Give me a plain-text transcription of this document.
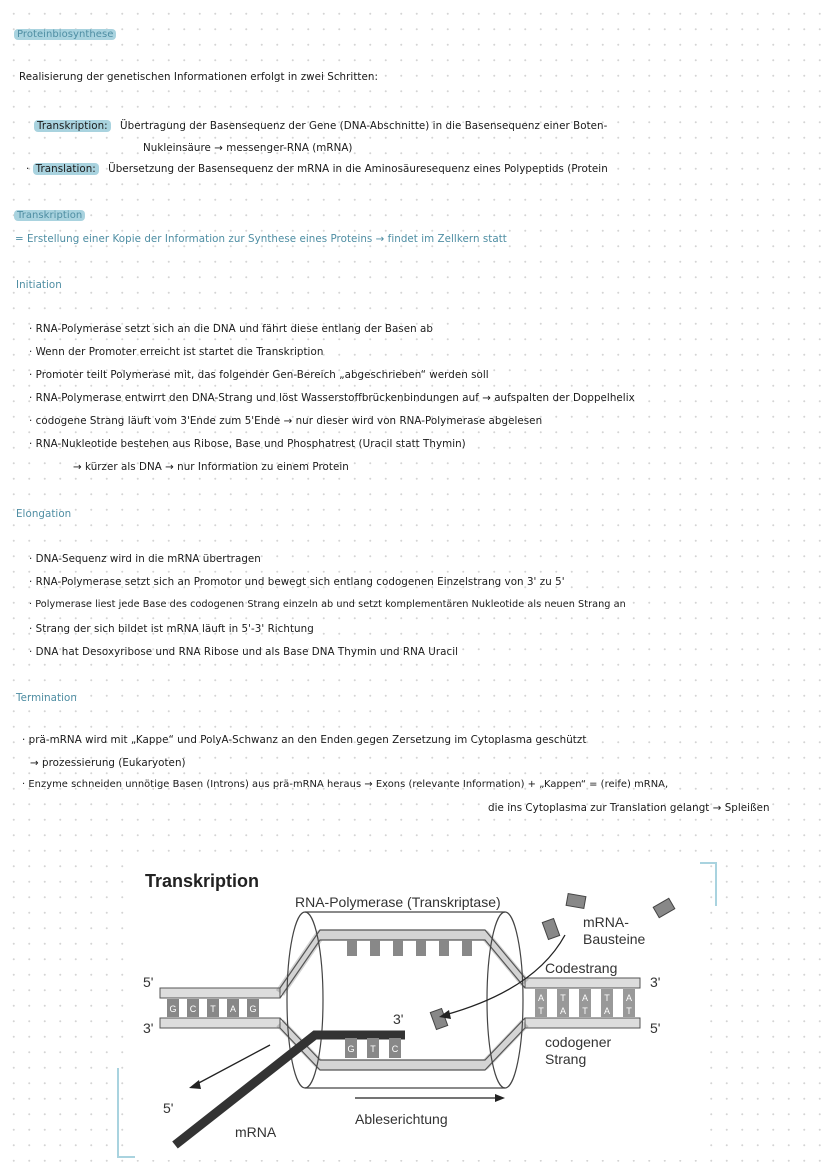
Proteinbiosynthese
Realisierung der genetischen Informationen erfolgt in zwei Schritten:
Transkription: Übertragung der Basensequenz der Gene (DNA-Abschnitte) in die Basensequenz einer Boten-
Nukleinsäure → messenger-RNA (mRNA)
· Translation: Übersetzung der Basensequenz der mRNA in die Aminosäuresequenz eines Polypeptids (Protein
Transkription
= Erstellung einer Kopie der Information zur Synthese eines Proteins → findet im Zellkern statt
Initiation
· RNA-Polymerase setzt sich an die DNA und fährt diese entlang der Basen ab
· Wenn der Promoter erreicht ist startet die Transkription
· Promoter teilt Polymerase mit, das folgender Gen-Bereich „abgeschrieben“ werden soll
· RNA-Polymerase entwirrt den DNA-Strang und löst Wasserstoffbrückenbindungen auf → aufspalten der Doppelhelix
· codogene Strang läuft vom 3'Ende zum 5'Ende → nur dieser wird von RNA-Polymerase abgelesen
· RNA-Nukleotide bestehen aus Ribose, Base und Phosphatrest (Uracil statt Thymin)
→ kürzer als DNA → nur Information zu einem Protein
Elongation
· DNA-Sequenz wird in die mRNA übertragen
· RNA-Polymerase setzt sich an Promotor und bewegt sich entlang codogenen Einzelstrang von 3' zu 5'
· Polymerase liest jede Base des codogenen Strang einzeln ab und setzt komplementären Nukleotide als neuen Strang an
· Strang der sich bildet ist mRNA läuft in 5'-3' Richtung
· DNA hat Desoxyribose und RNA Ribose und als Base DNA Thymin und RNA Uracil
Termination
· prä-mRNA wird mit „Kappe“ und PolyA-Schwanz an den Enden gegen Zersetzung im Cytoplasma geschützt
→ prozessierung (Eukaryoten)
· Enzyme schneiden unnötige Basen (Introns) aus prä-mRNA heraus → Exons (relevante Information) + „Kappen“ = (reife) mRNA,
die ins Cytoplasma zur Translation gelangt → Spleißen
Transkription
RNA-Polymerase (Transkriptase)
mRNA-
Bausteine
Codestrang
codogener
Strang
Ableserichtung
mRNA
5'
3'
3'
5'
3'
5'
G C T A G
A
T
T
A
A
T
T
A
A
T
G T C
